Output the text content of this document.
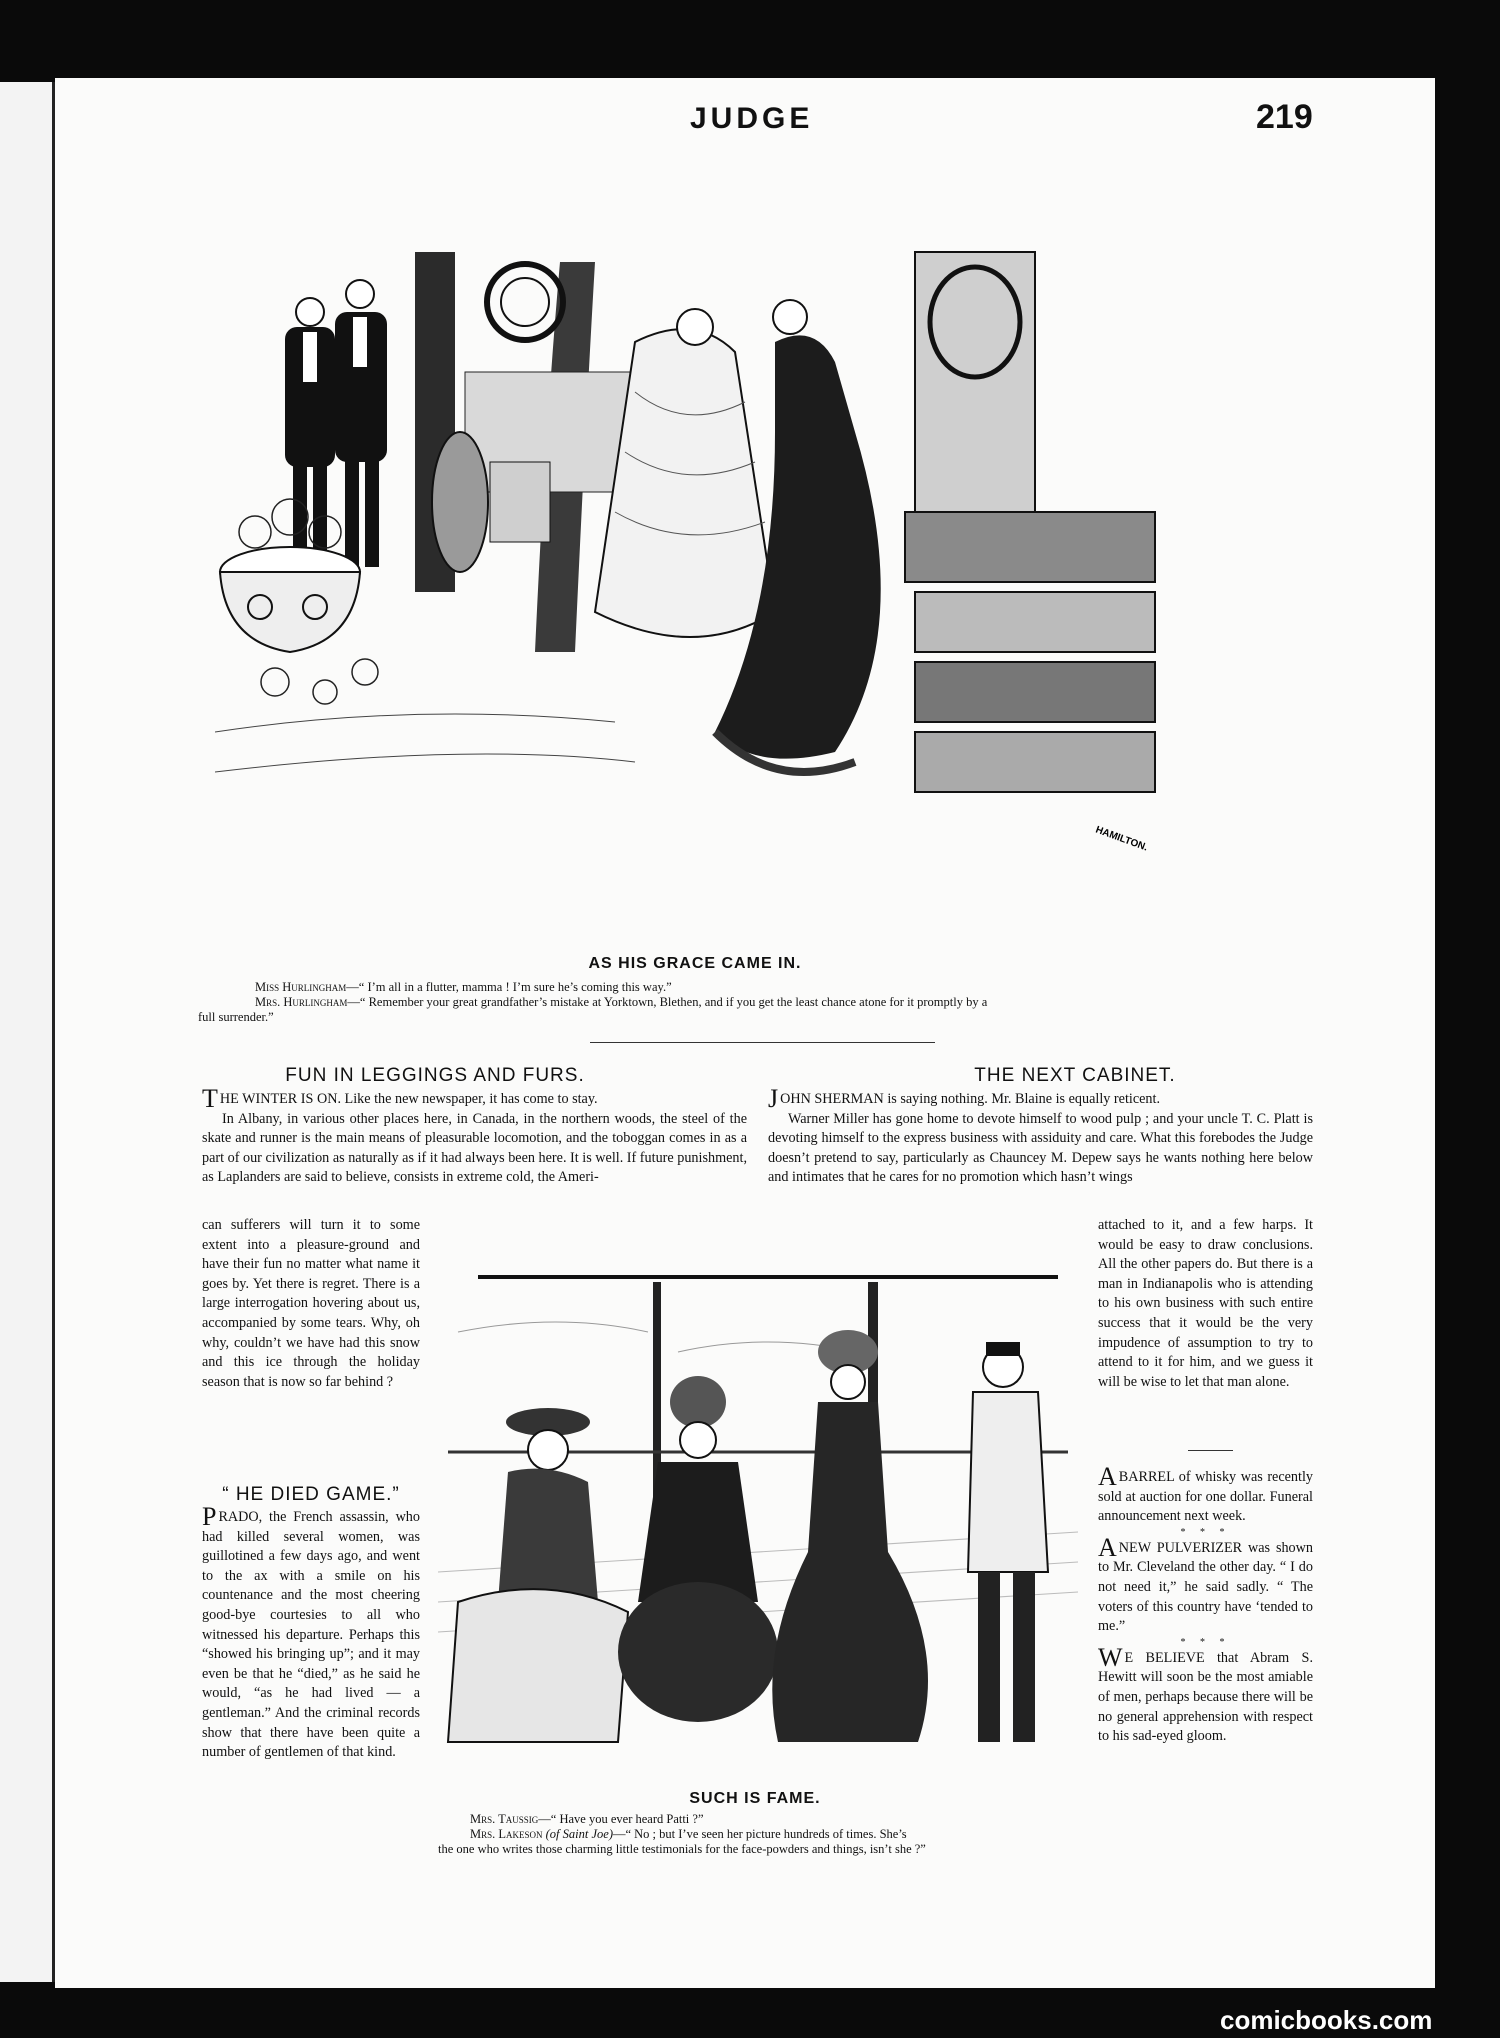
JUDGE	219
HAMILTON.
AS HIS GRACE CAME IN.
Miss Hurlingham—“ I’m all in a flutter, mamma ! I’m sure he’s coming this way.”
Mrs. Hurlingham—“ Remember your great grandfather’s mistake at Yorktown, Blethen, and if you get the least chance atone for it promptly by a
full surrender.”
FUN IN LEGGINGS AND FURS.

THE WINTER IS ON. Like the new newspaper, it has come to stay.

In Albany, in various other places here, in Canada, in the northern woods, the steel of the skate and runner is the main means of pleasurable locomotion, and the toboggan comes in as a part of our civilization as naturally as if it had always been here. It is well. If future punishment, as Laplanders are said to believe, consists in extreme cold, the Ameri-

can sufferers will turn it to some extent into a pleasure-ground and have their fun no matter what name it goes by. Yet there is regret. There is a large interrogation hovering about us, accompanied by some tears. Why, oh why, couldn’t we have had this snow and this ice through the holiday season that is now so far behind ?
“ HE DIED GAME.”

PRADO, the French assassin, who had killed several women, was guillotined a few days ago, and went to the ax with a smile on his countenance and the most cheering good-bye courtesies to all who witnessed his departure. Perhaps this “showed his bringing up”; and it may even be that he “died,” as he said he would, “as he had lived — a gentleman.” And the criminal records show that there have been quite a number of gentlemen of that kind.

THE NEXT CABINET.

JOHN SHERMAN is saying nothing. Mr. Blaine is equally reticent.

Warner Miller has gone home to devote himself to wood pulp ; and your uncle T. C. Platt is devoting himself to the express business with assiduity and care. What this forebodes the Judge doesn’t pretend to say, particularly as Chauncey M. Depew says he wants nothing here below and intimates that he cares for no promotion which hasn’t wings

attached to it, and a few harps. It would be easy to draw conclusions. All the other papers do. But there is a man in Indianapolis who is attending to his own business with such entire success that it would be the very impudence of assumption to try to attend to it for him, and we guess it will be wise to let that man alone.

ABARREL of whisky was recently sold at auction for one dollar. Funeral announcement next week.

* * *

ANEW PULVERIZER was shown to Mr. Cleveland the other day. “ I do not need it,” he said sadly. “ The voters of this country have ‘tended to me.”

* * *

W E BELIEVE that Abram S. Hewitt will soon be the most amiable of men, perhaps because there will be no general apprehension with respect to his sad-eyed gloom.

SUCH IS FAME.
Mrs. Taussig—“ Have you ever heard Patti ?”
Mrs. Lakeson (of Saint Joe)—“ No ; but I’ve seen her picture hundreds of times. She’s
the one who writes those charming little testimonials for the face-powders and things, isn’t she ?”
comicbooks.com
